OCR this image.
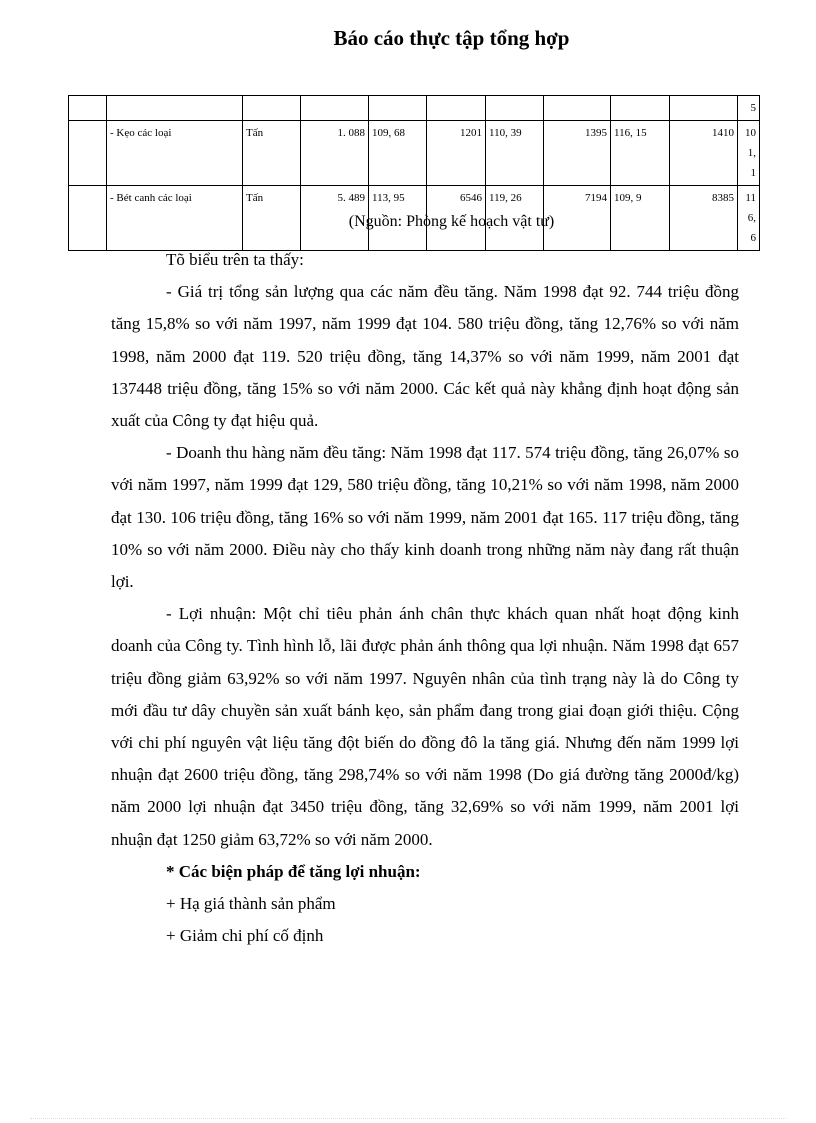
Báo cáo thực tập tổng hợp
										5
	- Kẹo các loại	Tấn	1. 088	109, 68	1201	110, 39	1395	116, 15	1410	101, 1
	- Bét canh các loại	Tấn	5. 489	113, 95	6546	119, 26	7194	109, 9	8385	116, 6
(Nguồn: Phòng kế hoạch vật tư)

Tõ biểu trên ta thấy:

- Giá trị tổng sản lượng qua các năm đều tăng. Năm 1998 đạt 92. 744 triệu đồng tăng 15,8% so với năm 1997, năm 1999 đạt 104. 580 triệu đồng, tăng 12,76% so với năm 1998, năm 2000 đạt 119. 520 triệu đồng, tăng 14,37% so với năm 1999, năm 2001 đạt 137448 triệu đồng, tăng 15% so với năm 2000. Các kết quả này khẳng định hoạt động sản xuất của Công ty đạt hiệu quả.

- Doanh thu hàng năm đều tăng: Năm 1998 đạt 117. 574 triệu đồng, tăng 26,07% so với năm 1997, năm 1999 đạt 129, 580 triệu đồng, tăng 10,21% so với năm 1998, năm 2000 đạt 130. 106 triệu đồng, tăng 16% so với năm 1999, năm 2001 đạt 165. 117 triệu đồng, tăng 10% so với năm 2000. Điều này cho thấy kinh doanh trong những năm này đang rất thuận lợi.

- Lợi nhuận: Một chỉ tiêu phản ánh chân thực khách quan nhất hoạt động kinh doanh của Công ty. Tình hình lỗ, lãi được phản ánh thông qua lợi nhuận. Năm 1998 đạt 657 triệu đồng giảm 63,92% so với năm 1997. Nguyên nhân của tình trạng này là do Công ty mới đầu tư dây chuyền sản xuất bánh kẹo, sản phẩm đang trong giai đoạn giới thiệu. Cộng với chi phí nguyên vật liệu tăng đột biến do đồng đô la tăng giá. Nhưng đến năm 1999 lợi nhuận đạt 2600 triệu đồng, tăng 298,74% so với năm 1998 (Do giá đường tăng 2000đ/kg) năm 2000 lợi nhuận đạt 3450 triệu đồng, tăng 32,69% so với năm 1999, năm 2001 lợi nhuận đạt 1250 giảm 63,72% so với năm 2000.

* Các biện pháp để tăng lợi nhuận:

+ Hạ giá thành sản phẩm

+ Giảm chi phí cố định
